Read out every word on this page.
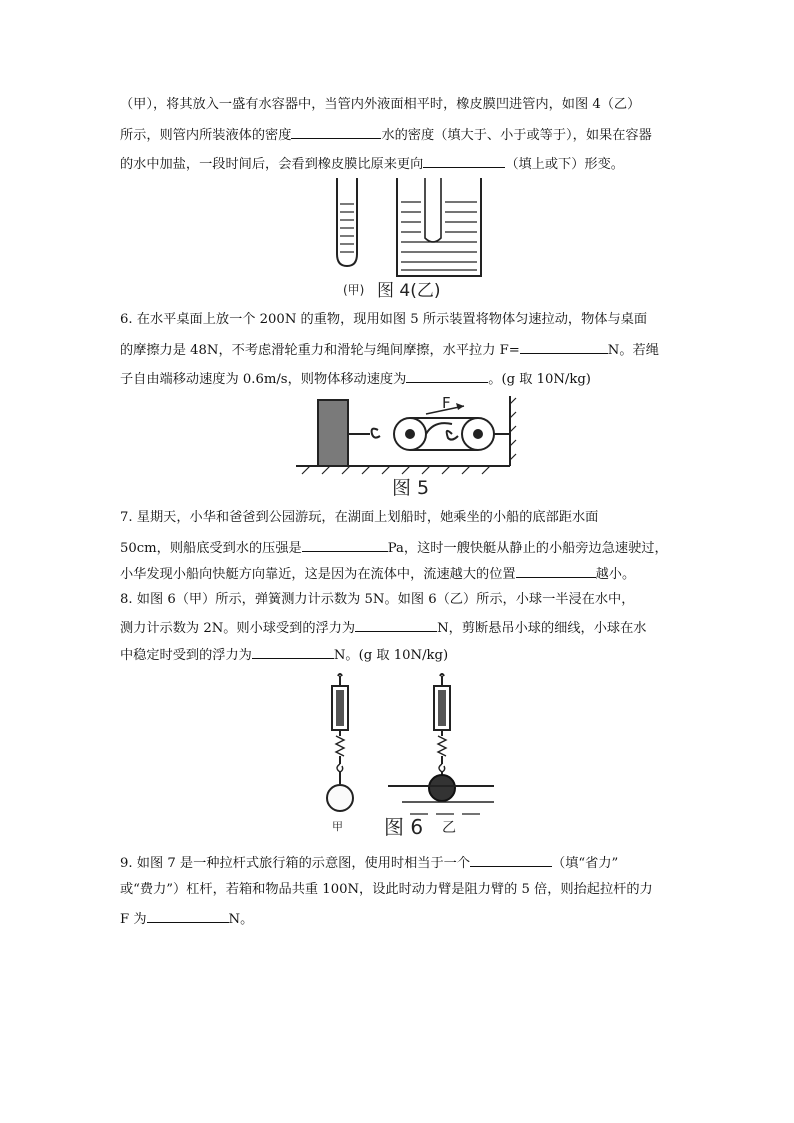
（甲），将其放入一盛有水容器中，当管内外液面相平时，橡皮膜凹进管内，如图 4（乙）
所示，则管内所装液体的密度	水的密度（填大于、小于或等于），如果在容器
的水中加盐，一段时间后，会看到橡皮膜比原来更向	（填上或下）形变。
(甲) 图 4(乙)
6. 在水平桌面上放一个 200N 的重物，现用如图 5 所示装置将物体匀速拉动，物体与桌面
的摩擦力是 48N，不考虑滑轮重力和滑轮与绳间摩擦，水平拉力 F=	N。若绳
子自由端移动速度为 0.6m/s，则物体移动速度为	。(g 取 10N/kg)
F
图 5
7. 星期天，小华和爸爸到公园游玩，在湖面上划船时，她乘坐的小船的底部距水面
50cm，则船底受到水的压强是	Pa，这时一艘快艇从静止的小船旁边急速驶过，
小华发现小船向快艇方向靠近，这是因为在流体中，流速越大的位置	越小。
8. 如图 6（甲）所示，弹簧测力计示数为 5N。如图 6（乙）所示，小球一半浸在水中，
测力计示数为 2N。则小球受到的浮力为	N，剪断悬吊小球的细线，小球在水
中稳定时受到的浮力为	N。(g 取 10N/kg)
甲 图 6 乙
9. 如图 7 是一种拉杆式旅行箱的示意图，使用时相当于一个	（填“省力”
或“费力”）杠杆，若箱和物品共重 100N，设此时动力臂是阻力臂的 5 倍，则抬起拉杆的力
F 为	N。
